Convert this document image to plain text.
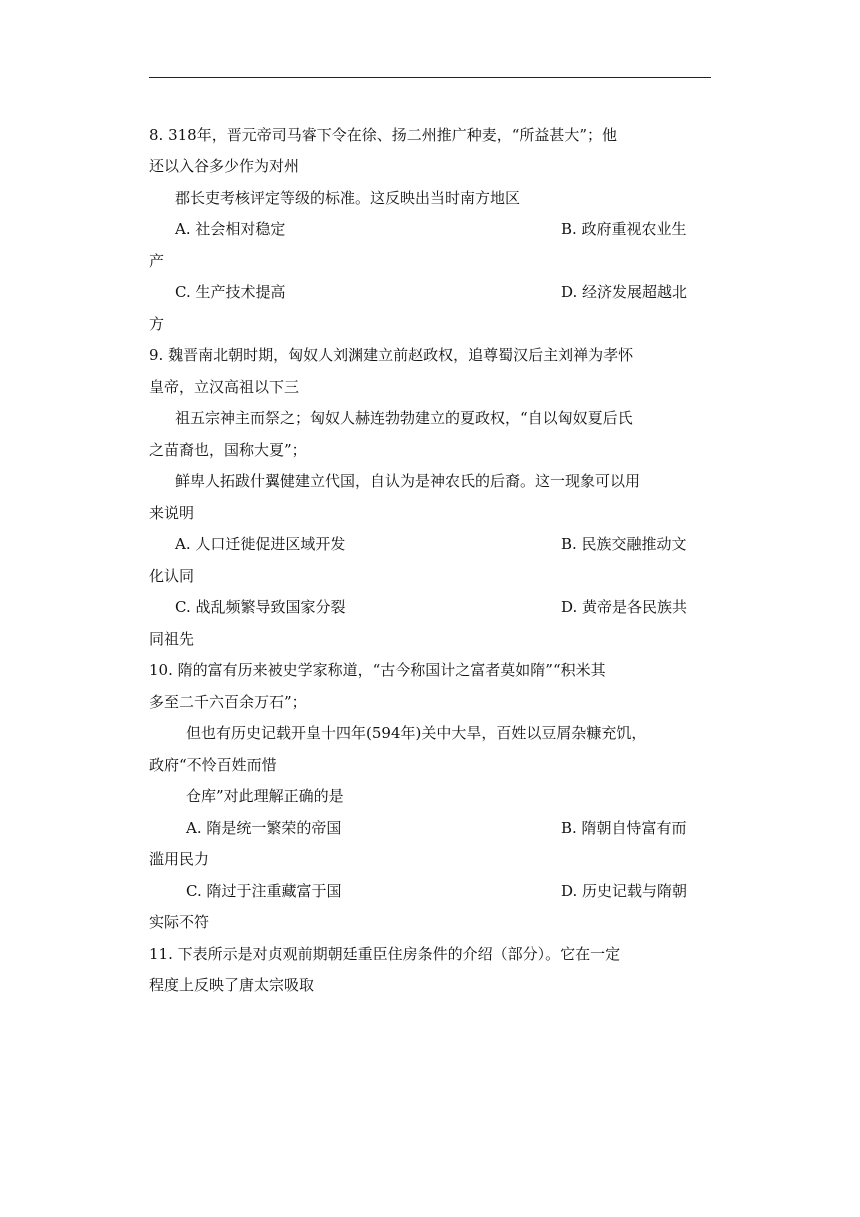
8. 318年，晋元帝司马睿下令在徐、扬二州推广种麦，“所益甚大”；他
还以入谷多少作为对州
郡长吏考核评定等级的标准。这反映出当时南方地区
A. 社会相对稳定	B. 政府重视农业生
产
C. 生产技术提高	D. 经济发展超越北
方
9. 魏晋南北朝时期，匈奴人刘渊建立前赵政权，追尊蜀汉后主刘禅为孝怀
皇帝，立汉高祖以下三
祖五宗神主而祭之；匈奴人赫连勃勃建立的夏政权，“自以匈奴夏后氏
之苗裔也，国称大夏”；
鲜卑人拓跋什翼健建立代国，自认为是神农氏的后裔。这一现象可以用
来说明
A. 人口迁徙促进区域开发	B. 民族交融推动文
化认同
C. 战乱频繁导致国家分裂	D. 黄帝是各民族共
同祖先
10. 隋的富有历来被史学家称道，“古今称国计之富者莫如隋”“积米其
多至二千六百余万石”；
但也有历史记载开皇十四年(594年)关中大旱，百姓以豆屑杂糠充饥，
政府“不怜百姓而惜
仓库”对此理解正确的是
A. 隋是统一繁荣的帝国	B. 隋朝自恃富有而
滥用民力
C. 隋过于注重藏富于国	D. 历史记载与隋朝
实际不符
11. 下表所示是对贞观前期朝廷重臣住房条件的介绍（部分）。它在一定
程度上反映了唐太宗吸取
